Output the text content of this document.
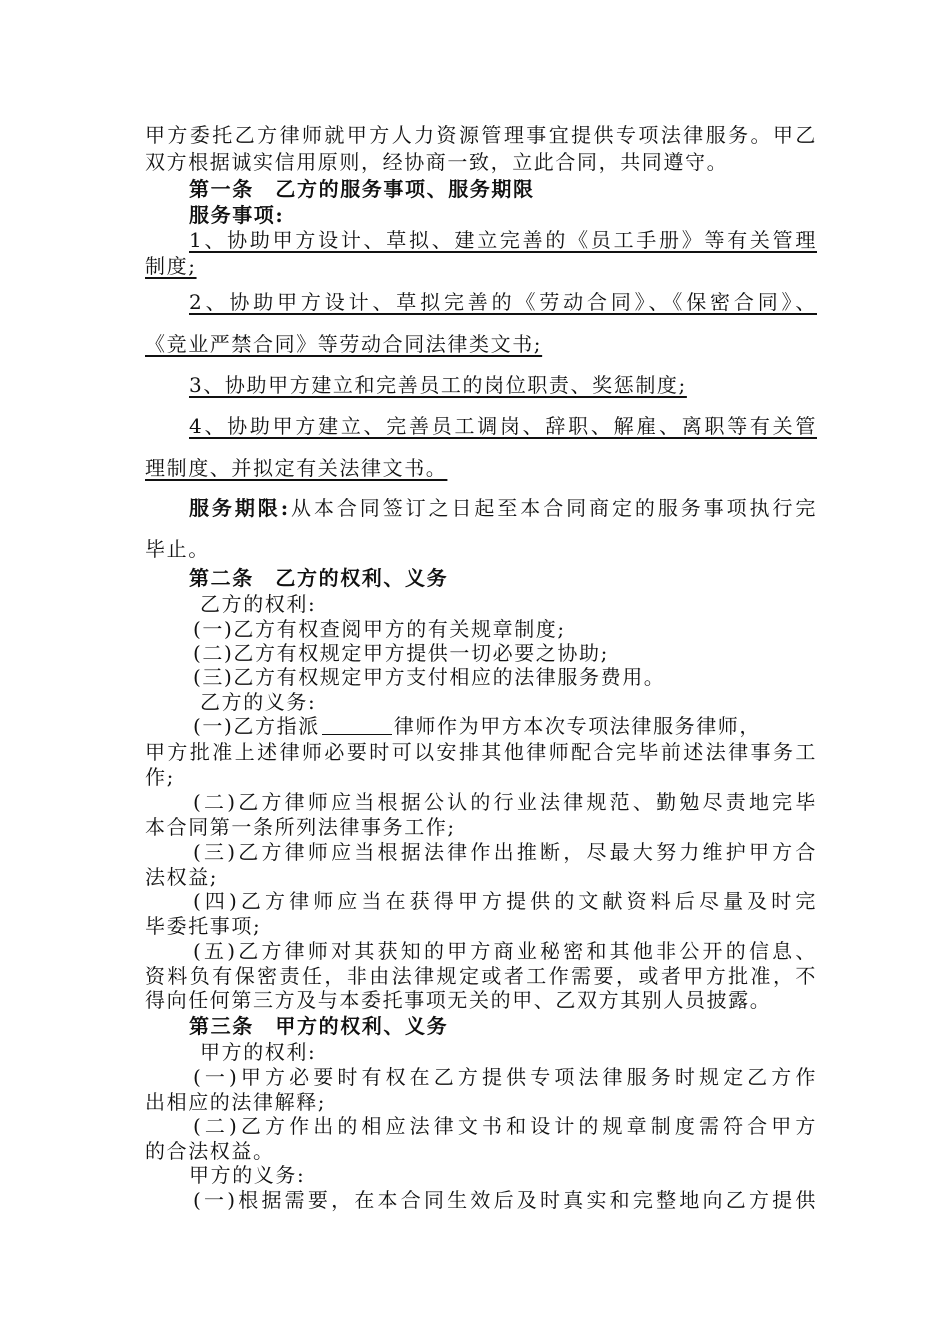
甲方委托乙方律师就甲方人力资源管理事宜提供专项法律服务。甲乙
双方根据诚实信用原则，经协商一致，立此合同，共同遵守。
第一条　乙方的服务事项、服务期限
服务事项:
1、协助甲方设计、草拟、建立完善的《员工手册》等有关管理
制度;
2、协助甲方设计、草拟完善的《劳动合同》、《保密合同》、
《竞业严禁合同》等劳动合同法律类文书;
3、协助甲方建立和完善员工的岗位职责、奖惩制度;
4、协助甲方建立、完善员工调岗、辞职、解雇、离职等有关管
理制度、并拟定有关法律文书。
服务期限:从本合同签订之日起至本合同商定的服务事项执行完
毕止。
第二条　乙方的权利、义务
乙方的权利:
(一)乙方有权查阅甲方的有关规章制度;
(二)乙方有权规定甲方提供一切必要之协助;
(三)乙方有权规定甲方支付相应的法律服务费用。
乙方的义务:
(一)乙方指派	律师作为甲方本次专项法律服务律师，
甲方批准上述律师必要时可以安排其他律师配合完毕前述法律事务工
作;
(二)乙方律师应当根据公认的行业法律规范、勤勉尽责地完毕
本合同第一条所列法律事务工作;
(三)乙方律师应当根据法律作出推断，尽最大努力维护甲方合
法权益;
(四)乙方律师应当在获得甲方提供的文献资料后尽量及时完
毕委托事项;
(五)乙方律师对其获知的甲方商业秘密和其他非公开的信息、
资料负有保密责任，非由法律规定或者工作需要，或者甲方批准，不
得向任何第三方及与本委托事项无关的甲、乙双方其别人员披露。
第三条　甲方的权利、义务
甲方的权利:
(一)甲方必要时有权在乙方提供专项法律服务时规定乙方作
出相应的法律解释;
(二)乙方作出的相应法律文书和设计的规章制度需符合甲方
的合法权益。
甲方的义务:
(一)根据需要，在本合同生效后及时真实和完整地向乙方提供
